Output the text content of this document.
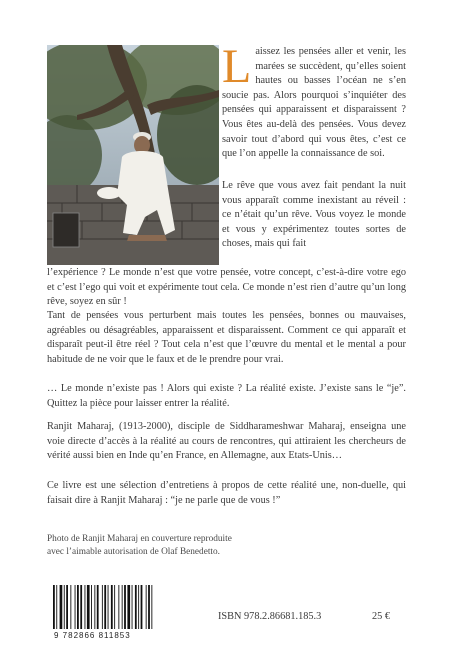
Laissez les pensées aller et venir, les marées se succèdent, qu’elles soient hautes ou basses l’océan ne s’en soucie pas. Alors pourquoi s’inquiéter des pensées qui apparaissent et disparaissent ? Vous êtes au-delà des pensées. Vous devez savoir tout d’abord qui vous êtes, c’est ce que l’on appelle la connaissance de soi.

Le rêve que vous avez fait pendant la nuit vous apparaît comme inexistant au réveil : ce n’était qu’un rêve. Vous voyez le monde et vous y expérimentez toutes sortes de choses, mais qui fait

l’expérience ? Le monde n’est que votre pensée, votre concept, c’est-à-dire votre ego et c’est l’ego qui voit et expérimente tout cela. Ce monde n’est rien d’autre qu’un long rêve, soyez en sûr !

Tant de pensées vous perturbent mais toutes les pensées, bonnes ou mauvaises, agréables ou désagréables, apparaissent et disparaissent. Comment ce qui apparaît et disparaît peut-il être réel ? Tout cela n’est que l’œuvre du mental et le mental a pour habitude de ne voir que le faux et de le prendre pour vrai.

… Le monde n’existe pas ! Alors qui existe ? La réalité existe. J’existe sans le “je”. Quittez la pièce pour laisser entrer la réalité.

Ranjit Maharaj, (1913-2000), disciple de Siddharameshwar Maharaj, enseigna une voie directe d’accès à la réalité au cours de rencontres, qui attiraient les chercheurs de vérité aussi bien en Inde qu’en France, en Allemagne, aux Etats-Unis…

Ce livre est une sélection d’entretiens à propos de cette réalité une, non-duelle, qui faisait dire à Ranjit Maharaj : “je ne parle que de vous !”

Photo de Ranjit Maharaj en couverture reproduite
avec l’aimable autorisation de Olaf Benedetto.
9 782866 811853
ISBN 978.2.86681.185.3	25 €
